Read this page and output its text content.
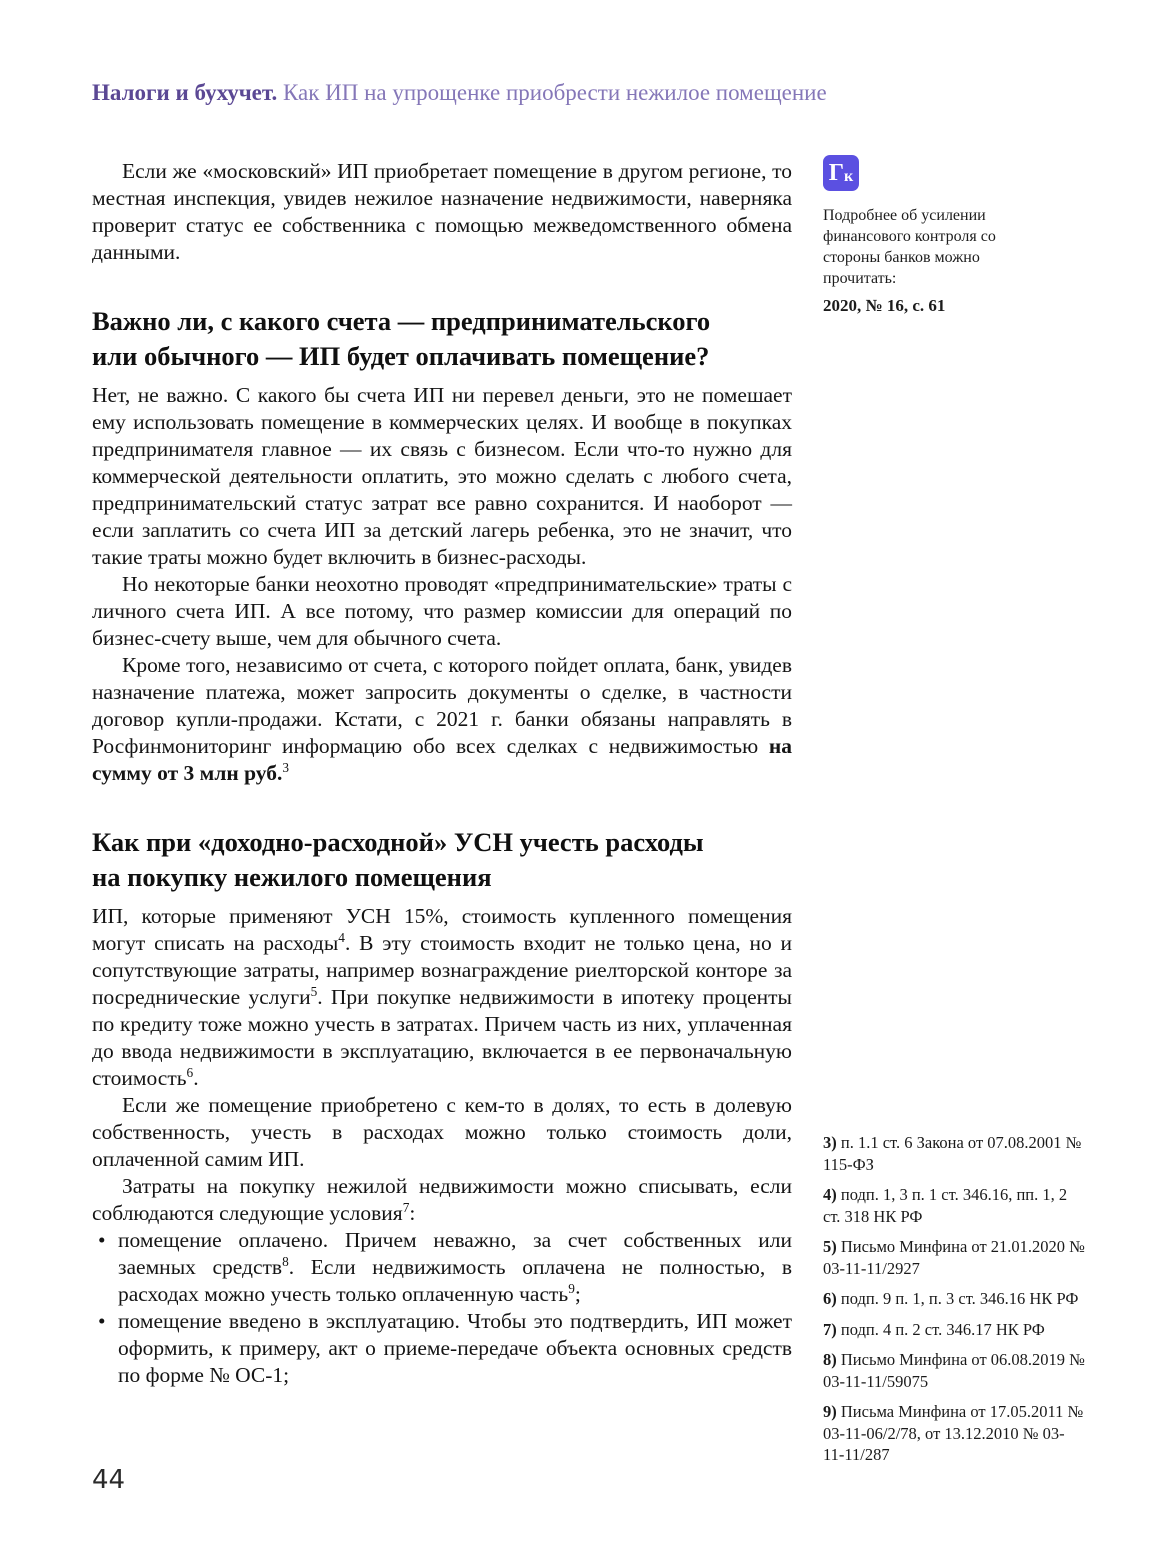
Налоги и бухучет. Как ИП на упрощенке приобрести нежилое помещение

Если же «московский» ИП приобретает помещение в другом регионе, то местная инспекция, увидев нежилое назначение недвижимости, наверняка проверит статус ее собственника с помощью межведомственного обмена данными.

Важно ли, с какого счета — предпринимательского
или обычного — ИП будет оплачивать помещение?

Нет, не важно. С какого бы счета ИП ни перевел деньги, это не помешает ему использовать помещение в коммерческих целях. И вообще в покупках предпринимателя главное — их связь с бизнесом. Если что-то нужно для коммерческой деятельности оплатить, это можно сделать с любого счета, предпринимательский статус затрат все равно сохранится. И наоборот — если заплатить со счета ИП за детский лагерь ребенка, это не значит, что такие траты можно будет включить в бизнес-расходы.

Но некоторые банки неохотно проводят «предпринимательские» траты с личного счета ИП. А все потому, что размер комиссии для операций по бизнес-счету выше, чем для обычного счета.

Кроме того, независимо от счета, с которого пойдет оплата, банк, увидев назначение платежа, может запросить документы о сделке, в частности договор купли-продажи. Кстати, с 2021 г. банки обязаны направлять в Росфинмониторинг информацию обо всех сделках с недвижимостью на сумму от 3 млн руб.$^3$

Как при «доходно-расходной» УСН учесть расходы
на покупку нежилого помещения

ИП, которые применяют УСН 15%, стоимость купленного помещения могут списать на расходы$^4$. В эту стоимость входит не только цена, но и сопутствующие затраты, например вознаграждение риелторской конторе за посреднические услуги$^5$. При покупке недвижимости в ипотеку проценты по кредиту тоже можно учесть в затратах. Причем часть из них, уплаченная до ввода недвижимости в эксплуатацию, включается в ее первоначальную стоимость$^6$.

Если же помещение приобретено с кем-то в долях, то есть в долевую собственность, учесть в расходах можно только стоимость доли, оплаченной самим ИП.

Затраты на покупку нежилой недвижимости можно списывать, если соблюдаются следующие условия$^7$:

• помещение оплачено. Причем неважно, за счет собственных или заемных средств$^8$. Если недвижимость оплачена не полностью, в расходах можно учесть только оплаченную часть$^9$;
• помещение введено в эксплуатацию. Чтобы это подтвердить, ИП может оформить, к примеру, акт о приеме-передаче объекта основных средств по форме № ОС-1;
Г к
Подробнее об усилении финансового контроля со стороны банков можно прочитать:
2020, № 16, с. 61
3) п. 1.1 ст. 6 Закона от 07.08.2001 № 115-ФЗ
4) подп. 1, 3 п. 1 ст. 346.16, пп. 1, 2 ст. 318 НК РФ
5) Письмо Минфина от 21.01.2020 № 03-11-11/2927
6) подп. 9 п. 1, п. 3 ст. 346.16 НК РФ
7) подп. 4 п. 2 ст. 346.17 НК РФ
8) Письмо Минфина от 06.08.2019 № 03-11-11/59075
9) Письма Минфина от 17.05.2011 № 03-11-06/2/78, от 13.12.2010 № 03-11-11/287
44
